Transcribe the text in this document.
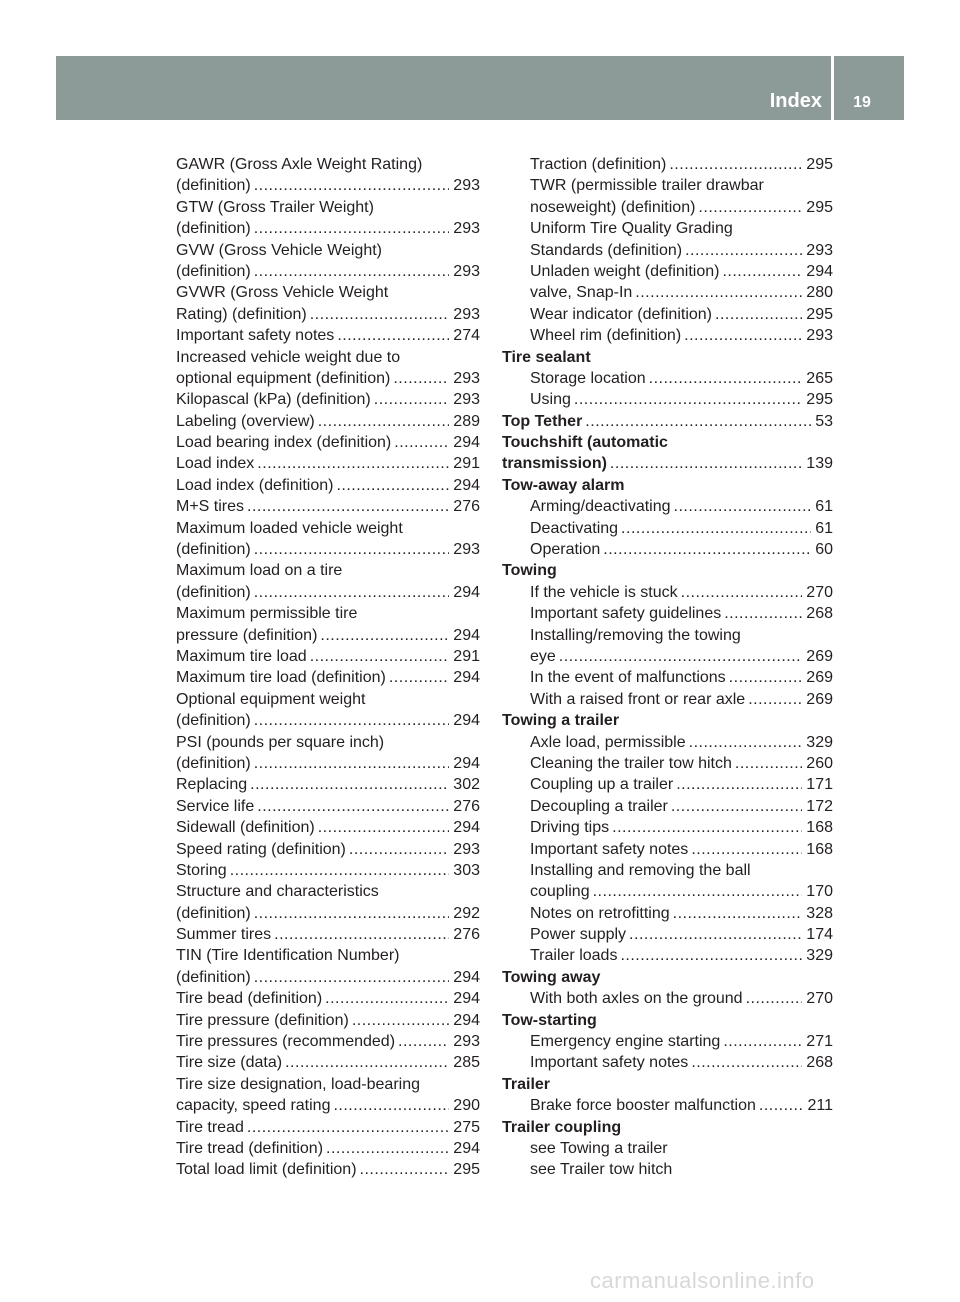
Index	19
GAWR (Gross Axle Weight Rating)
(definition) .....	293
GTW (Gross Trailer Weight)
(definition) .....	293
GVW (Gross Vehicle Weight)
(definition) .....	293
GVWR (Gross Vehicle Weight
Rating) (definition) .....	293
Important safety notes .....	274
Increased vehicle weight due to
optional equipment (definition) .....	293
Kilopascal (kPa) (definition) .....	293
Labeling (overview) .....	289
Load bearing index (definition) .....	294
Load index .....	291
Load index (definition) .....	294
M+S tires .....	276
Maximum loaded vehicle weight
(definition) .....	293
Maximum load on a tire
(definition) .....	294
Maximum permissible tire
pressure (definition) .....	294
Maximum tire load .....	291
Maximum tire load (definition) .....	294
Optional equipment weight
(definition) .....	294
PSI (pounds per square inch)
(definition) .....	294
Replacing .....	302
Service life .....	276
Sidewall (definition) .....	294
Speed rating (definition) .....	293
Storing .....	303
Structure and characteristics
(definition) .....	292
Summer tires .....	276
TIN (Tire Identification Number)
(definition) .....	294
Tire bead (definition) .....	294
Tire pressure (definition) .....	294
Tire pressures (recommended) .....	293
Tire size (data) .....	285
Tire size designation, load-bearing
capacity, speed rating .....	290
Tire tread .....	275
Tire tread (definition) .....	294
Total load limit (definition) .....	295
Traction (definition) .....	295
TWR (permissible trailer drawbar
noseweight) (definition) .....	295
Uniform Tire Quality Grading
Standards (definition) .....	293
Unladen weight (definition) .....	294
valve, Snap-In .....	280
Wear indicator (definition) .....	295
Wheel rim (definition) .....	293
Tire sealant
Storage location .....	265
Using .....	295
Top Tether .....	53
Touchshift (automatic
transmission) .....	139
Tow-away alarm
Arming/deactivating .....	61
Deactivating .....	61
Operation .....	60
Towing
If the vehicle is stuck .....	270
Important safety guidelines .....	268
Installing/removing the towing
eye .....	269
In the event of malfunctions .....	269
With a raised front or rear axle .....	269
Towing a trailer
Axle load, permissible .....	329
Cleaning the trailer tow hitch .....	260
Coupling up a trailer .....	171
Decoupling a trailer .....	172
Driving tips .....	168
Important safety notes .....	168
Installing and removing the ball
coupling .....	170
Notes on retrofitting .....	328
Power supply .....	174
Trailer loads .....	329
Towing away
With both axles on the ground .....	270
Tow-starting
Emergency engine starting .....	271
Important safety notes .....	268
Trailer
Brake force booster malfunction .....	211
Trailer coupling
see Towing a trailer
see Trailer tow hitch
carmanualsonline.info
